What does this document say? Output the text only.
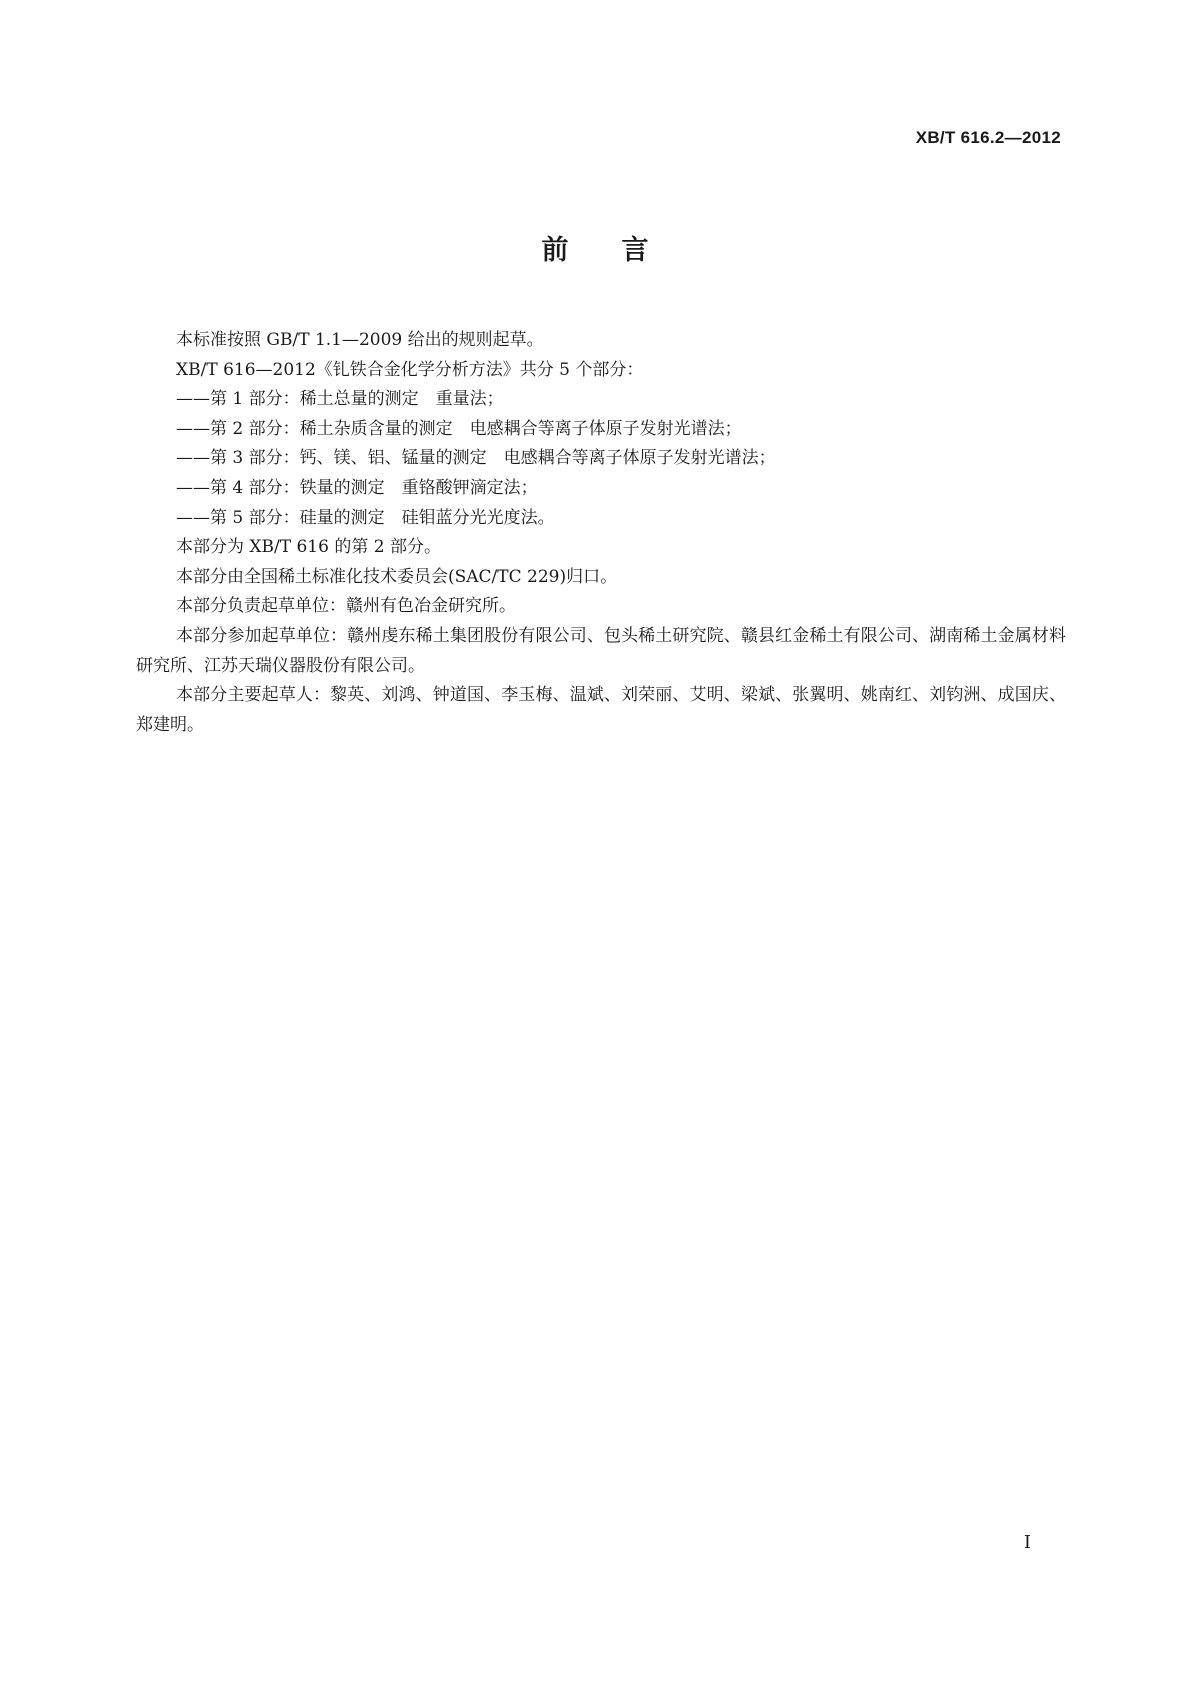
XB/T 616.2—2012
前 言

本标准按照 GB/T 1.1—2009 给出的规则起草。

XB/T 616—2012《钆铁合金化学分析方法》共分 5 个部分：

——第 1 部分：稀土总量的测定　重量法；

——第 2 部分：稀土杂质含量的测定　电感耦合等离子体原子发射光谱法；

——第 3 部分：钙、镁、铝、锰量的测定　电感耦合等离子体原子发射光谱法；

——第 4 部分：铁量的测定　重铬酸钾滴定法；

——第 5 部分：硅量的测定　硅钼蓝分光光度法。

本部分为 XB/T 616 的第 2 部分。

本部分由全国稀土标准化技术委员会(SAC/TC 229)归口。

本部分负责起草单位：赣州有色冶金研究所。

本部分参加起草单位：赣州虔东稀土集团股份有限公司、包头稀土研究院、赣县红金稀土有限公司、湖南稀土金属材料研究所、江苏天瑞仪器股份有限公司。

本部分主要起草人：黎英、刘鸿、钟道国、李玉梅、温斌、刘荣丽、艾明、梁斌、张翼明、姚南红、刘钧洲、成国庆、郑建明。

I
